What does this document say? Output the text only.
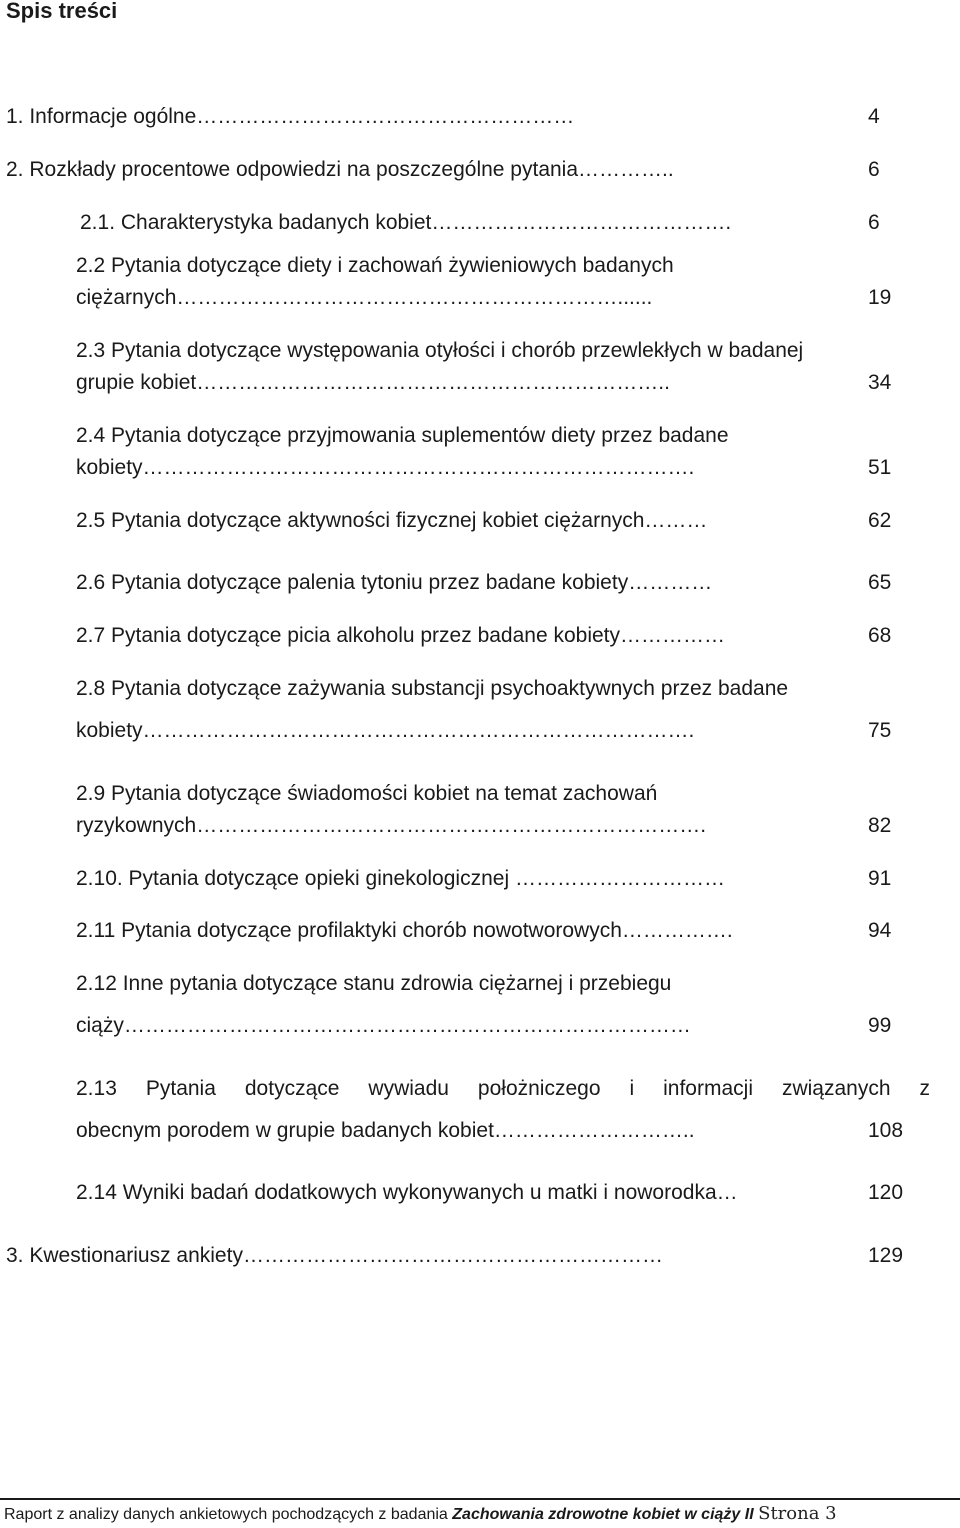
Spis treści
1. Informacje ogólne………………………………………………	4
2. Rozkłady procentowe odpowiedzi na poszczególne pytania…………..	6
2.1. Charakterystyka badanych kobiet…………………………………….	6
2.2 Pytania dotyczące diety i zachowań żywieniowych badanych
ciężarnych………………………………………………………......	19
2.3 Pytania dotyczące występowania otyłości i chorób przewlekłych w badanej
grupie kobiet…………………………………………………………..	34
2.4 Pytania dotyczące przyjmowania suplementów diety przez badane
kobiety…………………………………………………………………….	51
2.5 Pytania dotyczące aktywności fizycznej kobiet ciężarnych………	62
2.6 Pytania dotyczące palenia tytoniu przez badane kobiety…………	65
2.7 Pytania dotyczące picia alkoholu przez badane kobiety……………	68
2.8 Pytania dotyczące zażywania substancji psychoaktywnych przez badane
kobiety…………………………………………………………………….	75
2.9 Pytania dotyczące świadomości kobiet na temat zachowań
ryzykownych……………………………………………………………….	82
2.10. Pytania dotyczące opieki ginekologicznej …………………………	91
2.11 Pytania dotyczące profilaktyki chorób nowotworowych…………….	94
2.12 Inne pytania dotyczące stanu zdrowia ciężarnej i przebiegu
ciąży………………………………………………………………………	99
2.13 Pytania dotyczące wywiadu położniczego i informacji związanych z
obecnym porodem w grupie badanych kobiet………………………..	108
2.14 Wyniki badań dodatkowych wykonywanych u matki i noworodka…	120
3. Kwestionariusz ankiety……………………………………………………	129
Raport z analizy danych ankietowych pochodzących z badania Zachowania zdrowotne kobiet w ciąży II Strona 3
